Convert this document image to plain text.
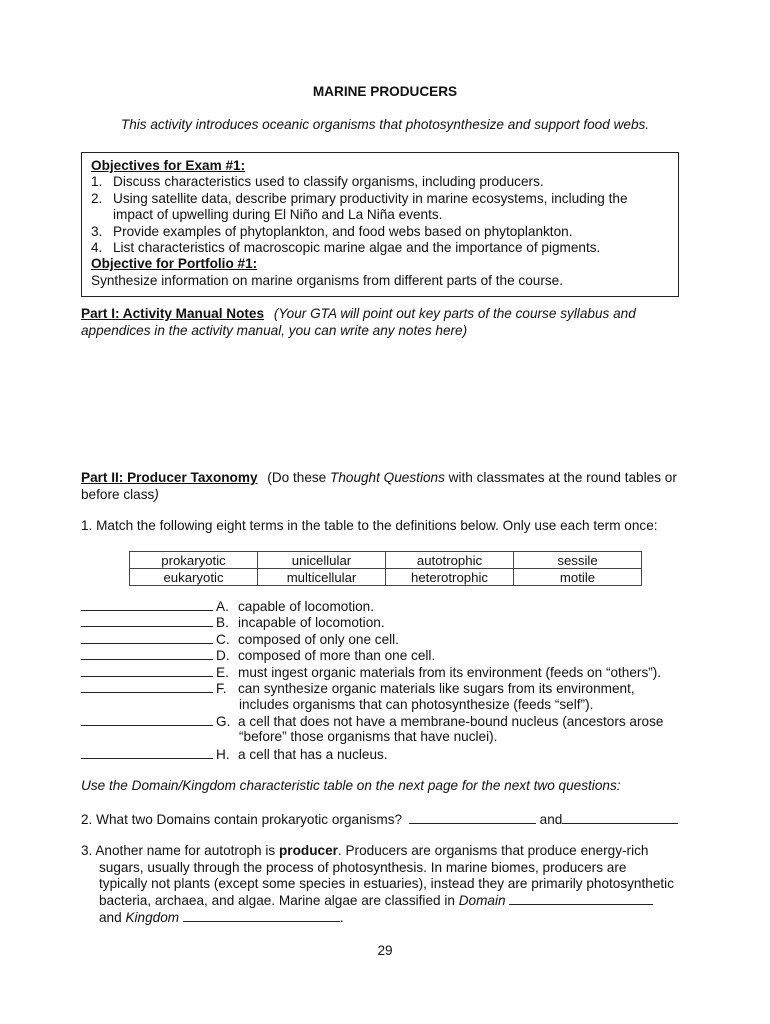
MARINE PRODUCERS
This activity introduces oceanic organisms that photosynthesize and support food webs.
Objectives for Exam #1:
1. Discuss characteristics used to classify organisms, including producers.
2. Using satellite data, describe primary productivity in marine ecosystems, including the
impact of upwelling during El Niño and La Niña events.
3. Provide examples of phytoplankton, and food webs based on phytoplankton.
4. List characteristics of macroscopic marine algae and the importance of pigments.
Objective for Portfolio #1:
Synthesize information on marine organisms from different parts of the course.
Part I: Activity Manual Notes (Your GTA will point out key parts of the course syllabus and
appendices in the activity manual, you can write any notes here)
Part II: Producer Taxonomy (Do these Thought Questions with classmates at the round tables or
before class)
1. Match the following eight terms in the table to the definitions below. Only use each term once:
prokaryotic	unicellular	autotrophic	sessile
eukaryotic	multicellular	heterotrophic	motile
A. capable of locomotion.
B. incapable of locomotion.
C. composed of only one cell.
D. composed of more than one cell.
E. must ingest organic materials from its environment (feeds on “others”).
F. can synthesize organic materials like sugars from its environment,
includes organisms that can photosynthesize (feeds “self”).
G. a cell that does not have a membrane-bound nucleus (ancestors arose
“before” those organisms that have nuclei).
H. a cell that has a nucleus.
Use the Domain/Kingdom characteristic table on the next page for the next two questions:
2. What two Domains contain prokaryotic organisms?	and
3. Another name for autotroph is producer. Producers are organisms that produce energy-rich
sugars, usually through the process of photosynthesis. In marine biomes, producers are
typically not plants (except some species in estuaries), instead they are primarily photosynthetic
bacteria, archaea, and algae. Marine algae are classified in Domain
and Kingdom	.
29
